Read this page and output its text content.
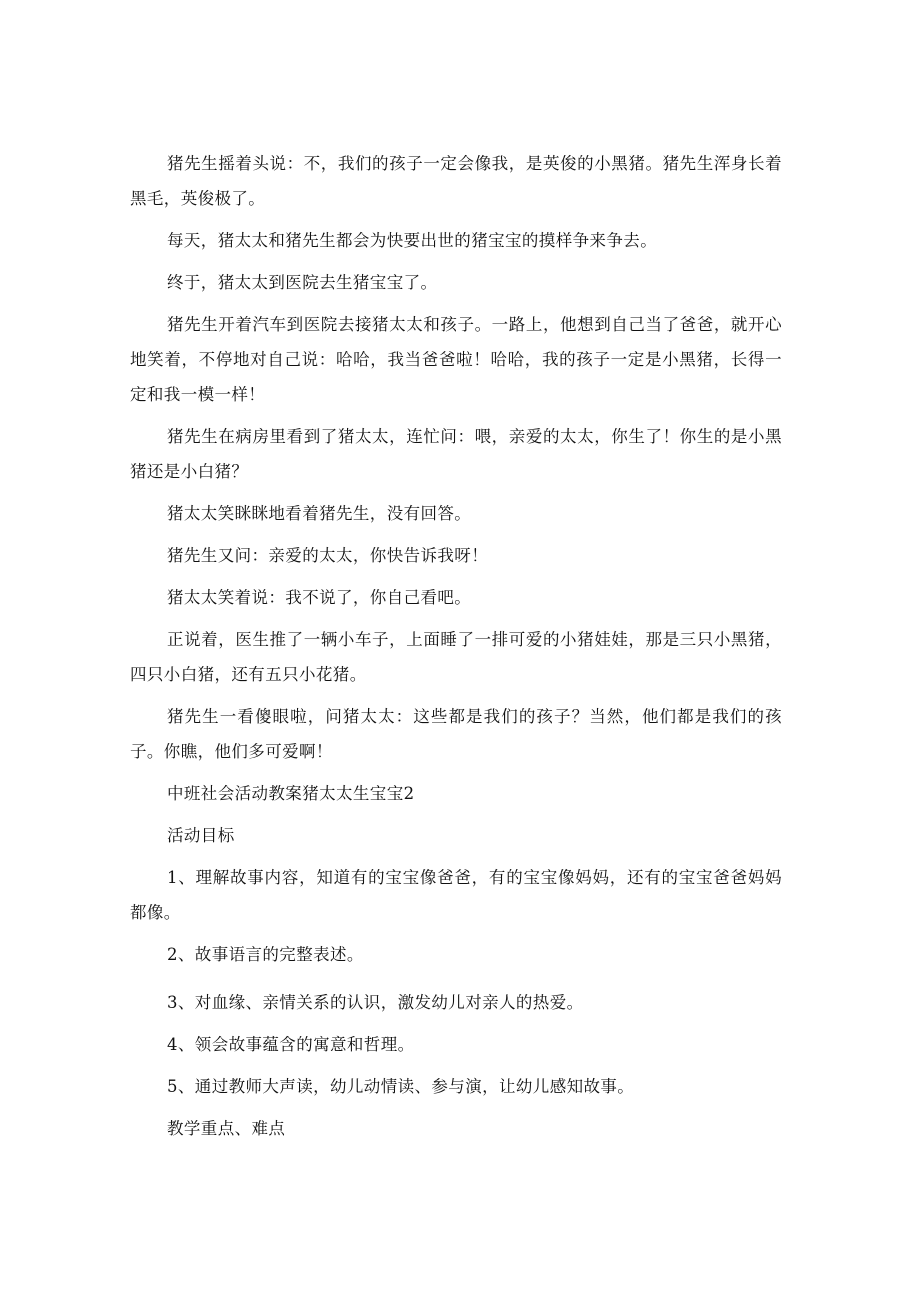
猪先生摇着头说：不，我们的孩子一定会像我，是英俊的小黑猪。猪先生浑身长着黑毛，英俊极了。

每天，猪太太和猪先生都会为快要出世的猪宝宝的摸样争来争去。

终于，猪太太到医院去生猪宝宝了。

猪先生开着汽车到医院去接猪太太和孩子。一路上，他想到自己当了爸爸，就开心地笑着，不停地对自己说：哈哈，我当爸爸啦！哈哈，我的孩子一定是小黑猪，长得一定和我一模一样！

猪先生在病房里看到了猪太太，连忙问：喂，亲爱的太太，你生了！你生的是小黑猪还是小白猪？

猪太太笑眯眯地看着猪先生，没有回答。

猪先生又问：亲爱的太太，你快告诉我呀！

猪太太笑着说：我不说了，你自己看吧。

正说着，医生推了一辆小车子，上面睡了一排可爱的小猪娃娃，那是三只小黑猪，四只小白猪，还有五只小花猪。

猪先生一看傻眼啦，问猪太太：这些都是我们的孩子？当然，他们都是我们的孩子。你瞧，他们多可爱啊！

中班社会活动教案猪太太生宝宝2

活动目标

1、理解故事内容，知道有的宝宝像爸爸，有的宝宝像妈妈，还有的宝宝爸爸妈妈都像。

2、故事语言的完整表述。

3、对血缘、亲情关系的认识，激发幼儿对亲人的热爱。

4、领会故事蕴含的寓意和哲理。

5、通过教师大声读，幼儿动情读、参与演，让幼儿感知故事。

教学重点、难点
